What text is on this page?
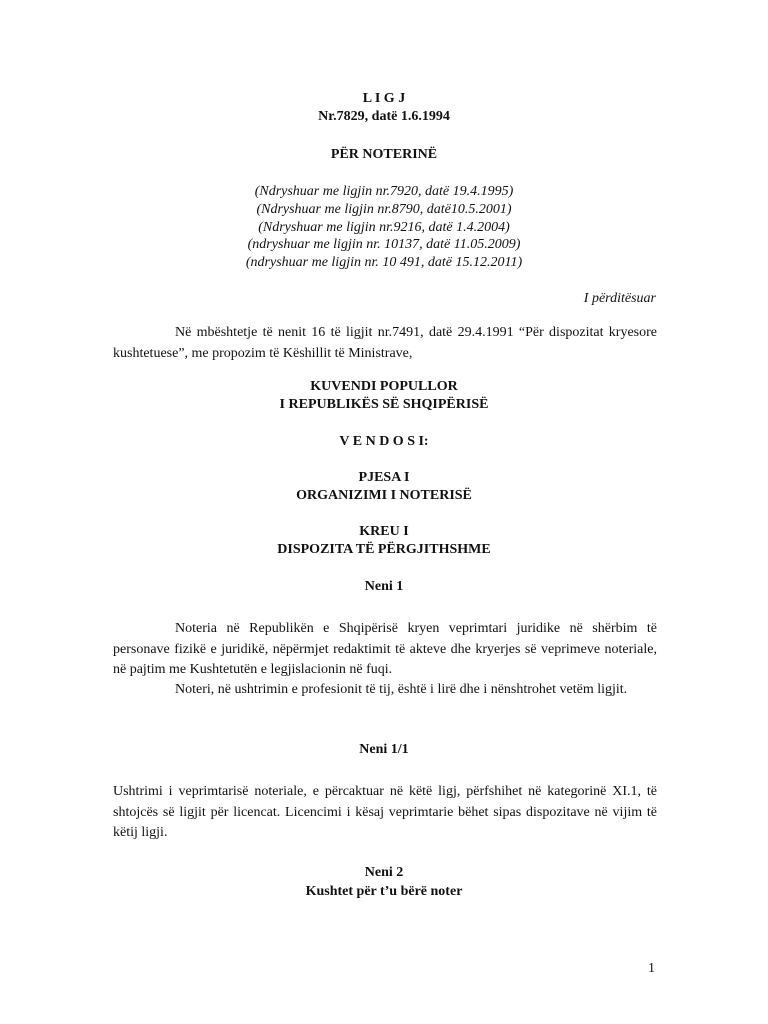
L I G J

Nr.7829, datë 1.6.1994

PËR NOTERINË

(Ndryshuar me ligjin nr.7920, datë 19.4.1995)

(Ndryshuar me ligjin nr.8790, datë10.5.2001)

(Ndryshuar me ligjin nr.9216, datë 1.4.2004)

(ndryshuar me ligjin nr. 10137, datë 11.05.2009)

(ndryshuar me ligjin nr. 10 491, datë 15.12.2011)

I përditësuar

Në mbështetje të nenit 16 të ligjit nr.7491, datë 29.4.1991 “Për dispozitat kryesore kushtetuese”, me propozim të Këshillit të Ministrave,

KUVENDI POPULLOR

I REPUBLIKËS SË SHQIPËRISË

V E N D O S I:

PJESA I

ORGANIZIMI I NOTERISË

KREU I

DISPOZITA TË PËRGJITHSHME

Neni 1

Noteria në Republikën e Shqipërisë kryen veprimtari juridike në shërbim të personave fizikë e juridikë, nëpërmjet redaktimit të akteve dhe kryerjes së veprimeve noteriale, në pajtim me Kushtetutën e legjislacionin në fuqi.

Noteri, në ushtrimin e profesionit të tij, është i lirë dhe i nënshtrohet vetëm ligjit.

Neni 1/1

Ushtrimi i veprimtarisë noteriale, e përcaktuar në këtë ligj, përfshihet në kategorinë XI.1, të shtojcës së ligjit për licencat. Licencimi i kësaj veprimtarie bëhet sipas dispozitave në vijim të këtij ligji.

Neni 2

Kushtet për t’u bërë noter

1
